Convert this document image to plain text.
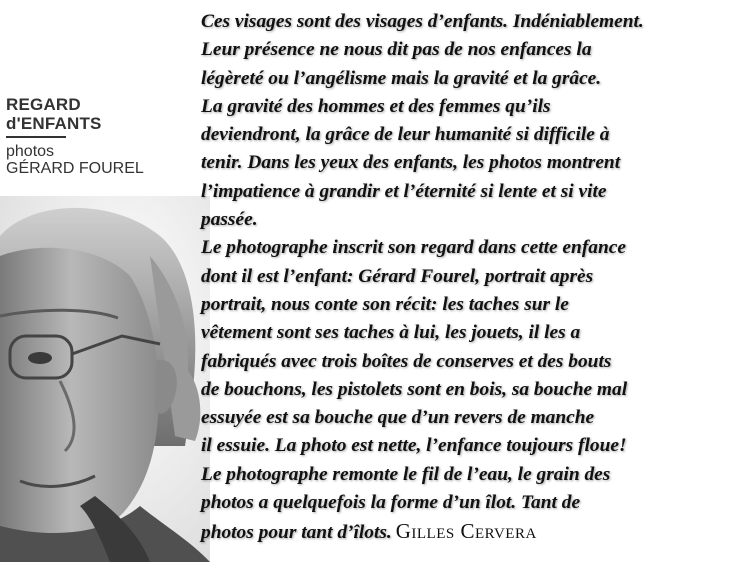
REGARD
d'ENFANTS
photos
GÉRARD FOUREL
Ces visages sont des visages d’enfants. Indéniablement.
Leur présence ne nous dit pas de nos enfances la
légèreté ou l’angélisme mais la gravité et la grâce.
La gravité des hommes et des femmes qu’ils
deviendront, la grâce de leur humanité si difficile à
tenir. Dans les yeux des enfants, les photos montrent
l’impatience à grandir et l’éternité si lente et si vite
passée.
Le photographe inscrit son regard dans cette enfance
dont il est l’enfant: Gérard Fourel, portrait après
portrait, nous conte son récit: les taches sur le
vêtement sont ses taches à lui, les jouets, il les a
fabriqués avec trois boîtes de conserves et des bouts
de bouchons, les pistolets sont en bois, sa bouche mal
essuyée est sa bouche que d’un revers de manche
il essuie. La photo est nette, l’enfance toujours floue!
Le photographe remonte le fil de l’eau, le grain des
photos a quelquefois la forme d’un îlot. Tant de
photos pour tant d’îlots. Gilles Cervera
